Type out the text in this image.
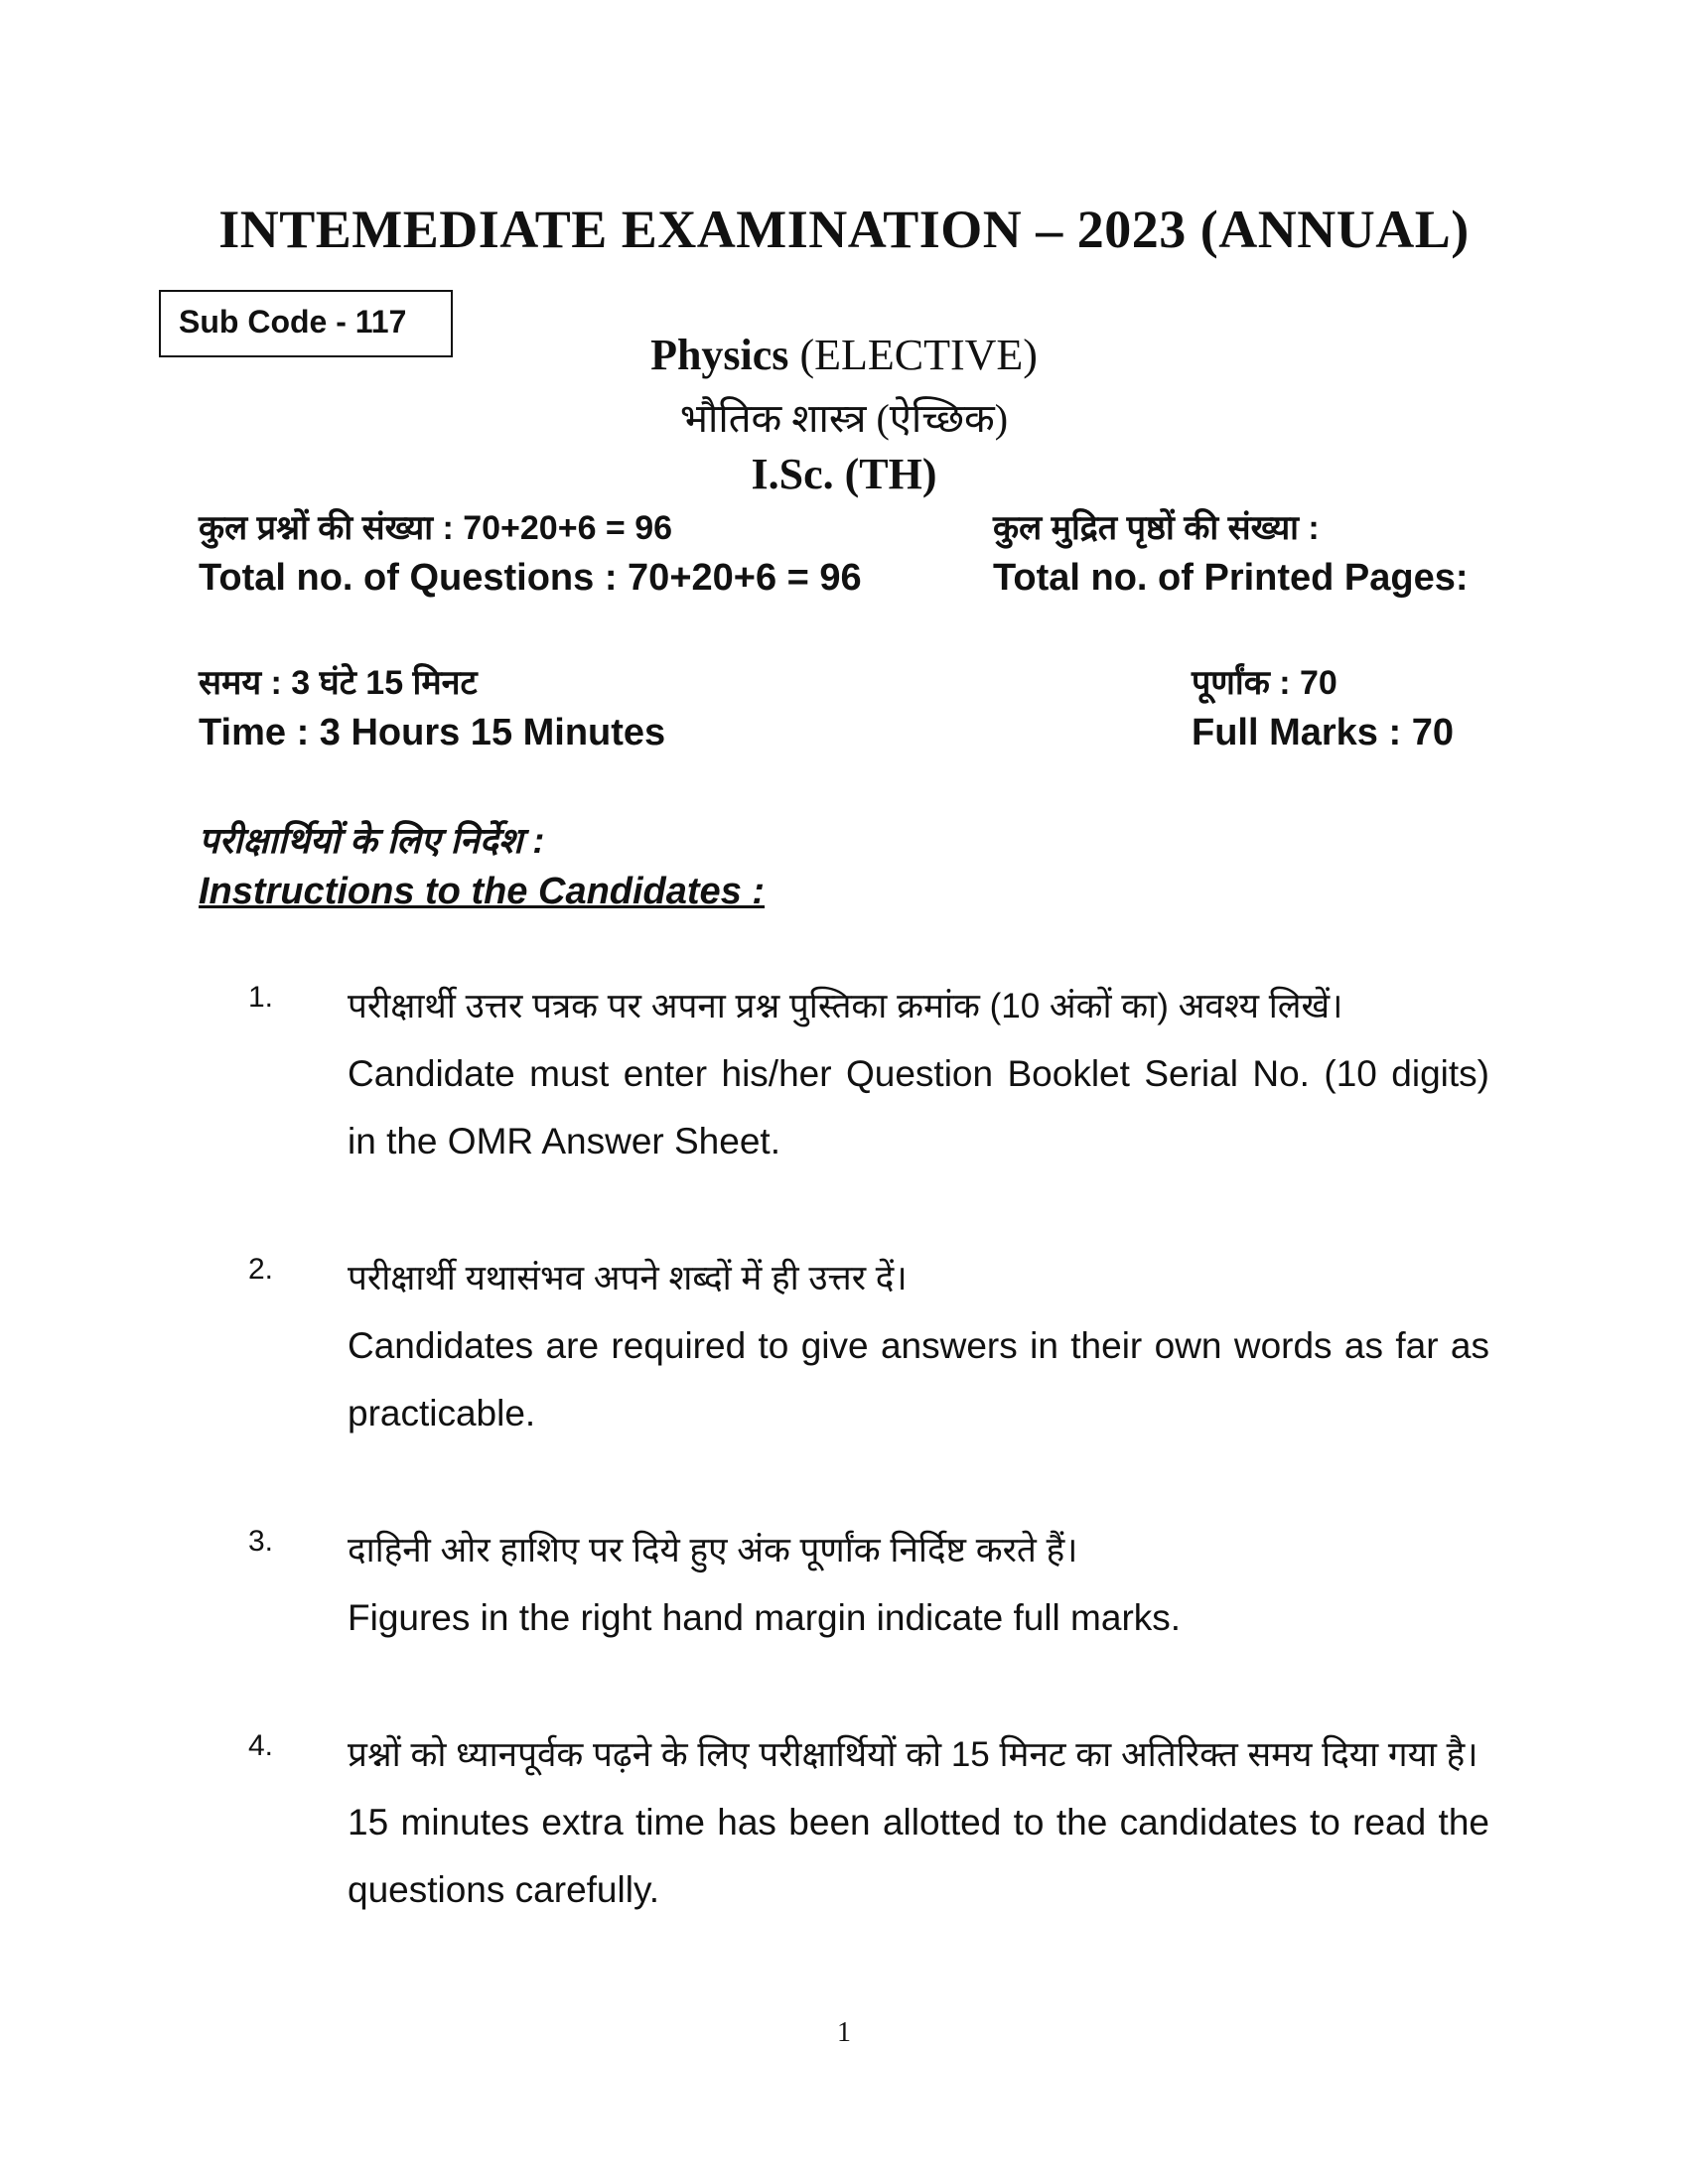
INTEMEDIATE EXAMINATION – 2023 (ANNUAL)
Sub Code - 117
Physics (ELECTIVE)
भौतिक शास्त्र (ऐच्छिक)
I.Sc. (TH)
कुल प्रश्नों की संख्या : 70+20+6 = 96
Total no. of Questions : 70+20+6 = 96
कुल मुद्रित पृष्ठों की संख्या :
Total no. of Printed Pages:
समय : 3 घंटे 15 मिनट
Time : 3 Hours 15 Minutes
पूर्णांक : 70
Full Marks : 70
परीक्षार्थियों के लिए निर्देश :
Instructions to the Candidates :
1. परीक्षार्थी उत्तर पत्रक पर अपना प्रश्न पुस्तिका क्रमांक (10 अंकों का) अवश्य लिखें।
Candidate must enter his/her Question Booklet Serial No. (10 digits) in the OMR Answer Sheet.
2. परीक्षार्थी यथासंभव अपने शब्दों में ही उत्तर दें।
Candidates are required to give answers in their own words as far as practicable.
3. दाहिनी ओर हाशिए पर दिये हुए अंक पूर्णांक निर्दिष्ट करते हैं।
Figures in the right hand margin indicate full marks.
4. प्रश्नों को ध्यानपूर्वक पढ़ने के लिए परीक्षार्थियों को 15 मिनट का अतिरिक्त समय दिया गया है।
15 minutes extra time has been allotted to the candidates to read the questions carefully.
1
